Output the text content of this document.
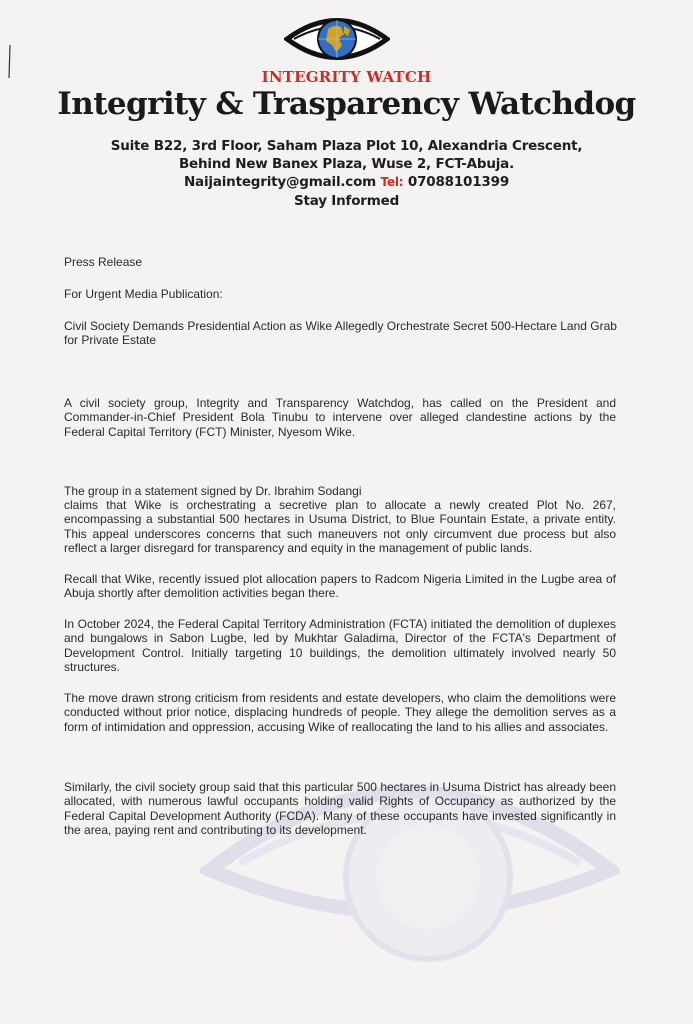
INTEGRITY WATCH
Integrity & Trasparency Watchdog
Suite B22, 3rd Floor, Saham Plaza Plot 10, Alexandria Crescent,
Behind New Banex Plaza, Wuse 2, FCT-Abuja.
Naijaintegrity@gmail.com Tel: 07088101399
Stay Informed
Press Release
For Urgent Media Publication:
Civil Society Demands Presidential Action as Wike Allegedly Orchestrate Secret 500-Hectare Land Grab for Private Estate
A civil society group, Integrity and Transparency Watchdog, has called on the President and Commander-in-Chief President Bola Tinubu to intervene over alleged clandestine actions by the Federal Capital Territory (FCT) Minister, Nyesom Wike.
The group in a statement signed by Dr. Ibrahim Sodangi
claims that Wike is orchestrating a secretive plan to allocate a newly created Plot No. 267, encompassing a substantial 500 hectares in Usuma District, to Blue Fountain Estate, a private entity. This appeal underscores concerns that such maneuvers not only circumvent due process but also reflect a larger disregard for transparency and equity in the management of public lands.
Recall that Wike, recently issued plot allocation papers to Radcom Nigeria Limited in the Lugbe area of Abuja shortly after demolition activities began there.
In October 2024, the Federal Capital Territory Administration (FCTA) initiated the demolition of duplexes and bungalows in Sabon Lugbe, led by Mukhtar Galadima, Director of the FCTA's Department of Development Control. Initially targeting 10 buildings, the demolition ultimately involved nearly 50 structures.
The move drawn strong criticism from residents and estate developers, who claim the demolitions were conducted without prior notice, displacing hundreds of people. They allege the demolition serves as a form of intimidation and oppression, accusing Wike of reallocating the land to his allies and associates.
Similarly, the civil society group said that this particular 500 hectares in Usuma District has already been allocated, with numerous lawful occupants holding valid Rights of Occupancy as authorized by the Federal Capital Development Authority (FCDA). Many of these occupants have invested significantly in the area, paying rent and contributing to its development.
